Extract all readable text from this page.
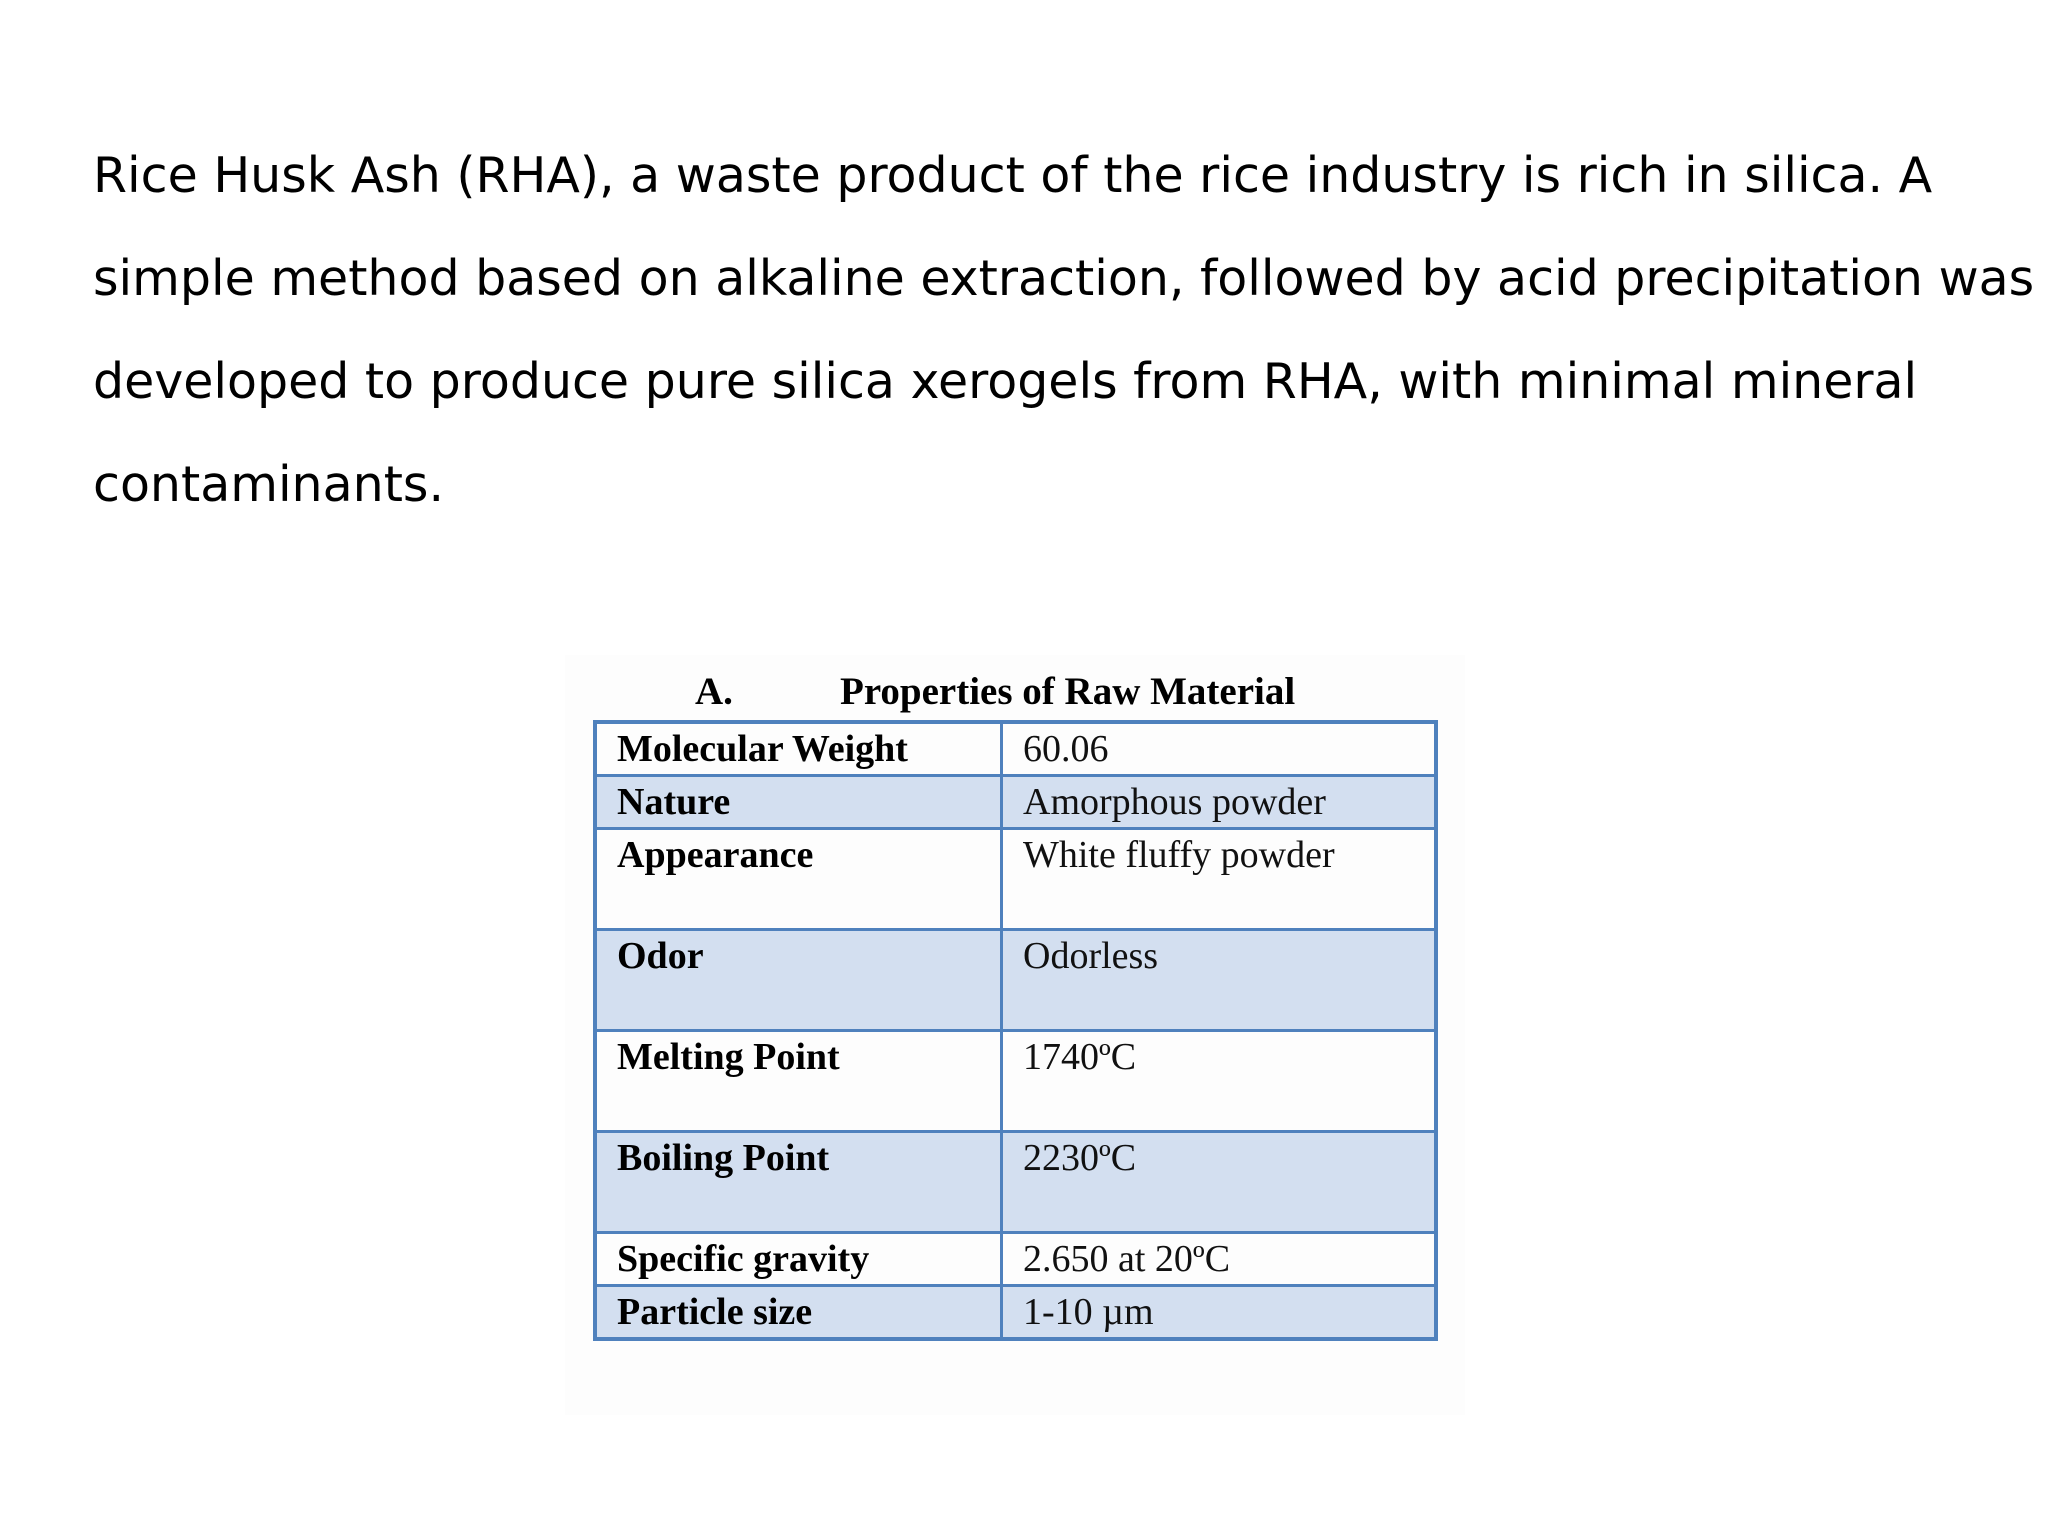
Rice Husk Ash (RHA), a waste product of the rice industry is rich in silica. A
simple method based on alkaline extraction, followed by acid precipitation was
developed to produce pure silica xerogels from RHA, with minimal mineral
contaminants.

A.	Properties of Raw Material
Molecular Weight	60.06
Nature	Amorphous powder
Appearance	White fluffy powder
Odor	Odorless
Melting Point	1740ºC
Boiling Point	2230ºC
Specific gravity	2.650 at 20ºC
Particle size	1-10 µm
